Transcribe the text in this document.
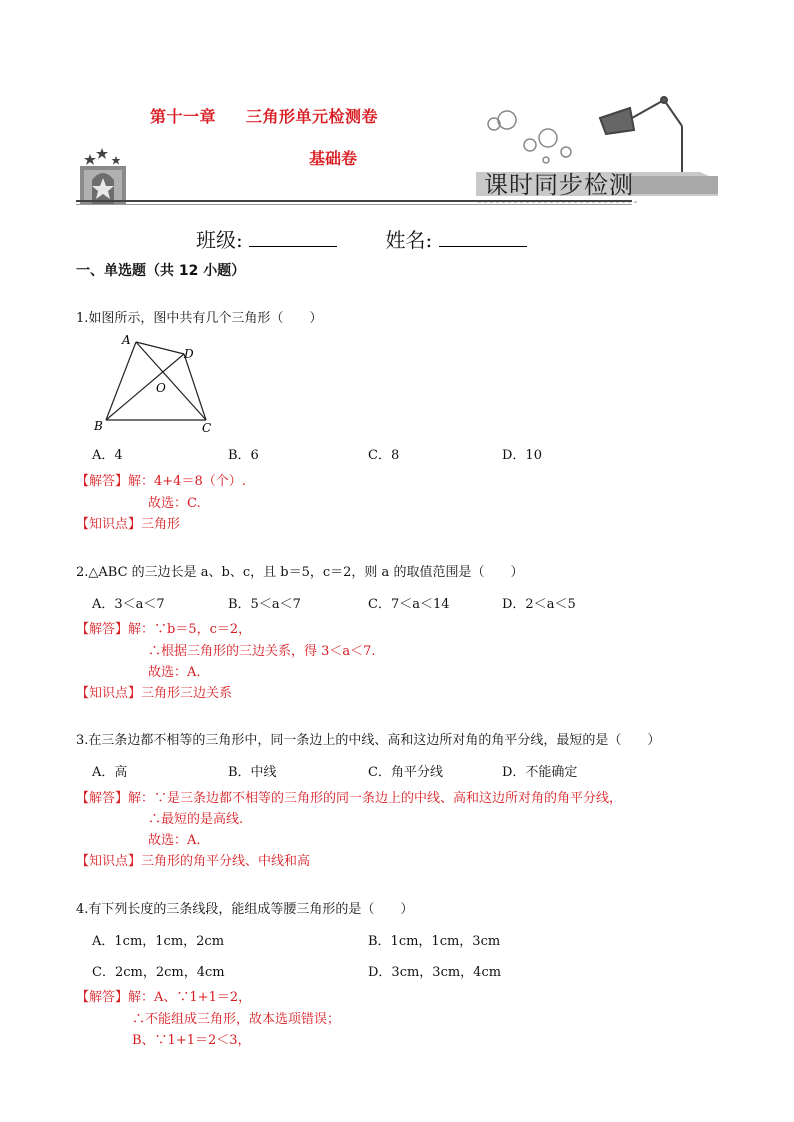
第十一章 三角形单元检测卷
基础卷
课时同步检测
班级:	姓名:
一、单选题（共 12 小题）
1.如图所示，图中共有几个三角形（　　）
A
D
O
B	C
A．4	B．6	C．8	D．10
【解答】解：4+4＝8（个）.
故选：C.
【知识点】三角形
2.△ABC 的三边长是 a、b、c，且 b＝5，c＝2，则 a 的取值范围是（　　）
A．3＜a＜7	B．5＜a＜7	C．7＜a＜14	D．2＜a＜5
【解答】解：∵b＝5，c＝2，
∴根据三角形的三边关系，得 3＜a＜7.
故选：A.
【知识点】三角形三边关系
3.在三条边都不相等的三角形中，同一条边上的中线、高和这边所对角的角平分线，最短的是（　　）
A．高	B．中线	C．角平分线	D．不能确定
【解答】解：∵是三条边都不相等的三角形的同一条边上的中线、高和这边所对角的角平分线，
∴最短的是高线.
故选：A.
【知识点】三角形的角平分线、中线和高
4.有下列长度的三条线段，能组成等腰三角形的是（　　）
A．1cm，1cm，2cm	B．1cm，1cm，3cm
C．2cm，2cm，4cm	D．3cm，3cm，4cm
【解答】解：A、∵1+1＝2，
∴不能组成三角形，故本选项错误；
B、∵1+1＝2＜3，
